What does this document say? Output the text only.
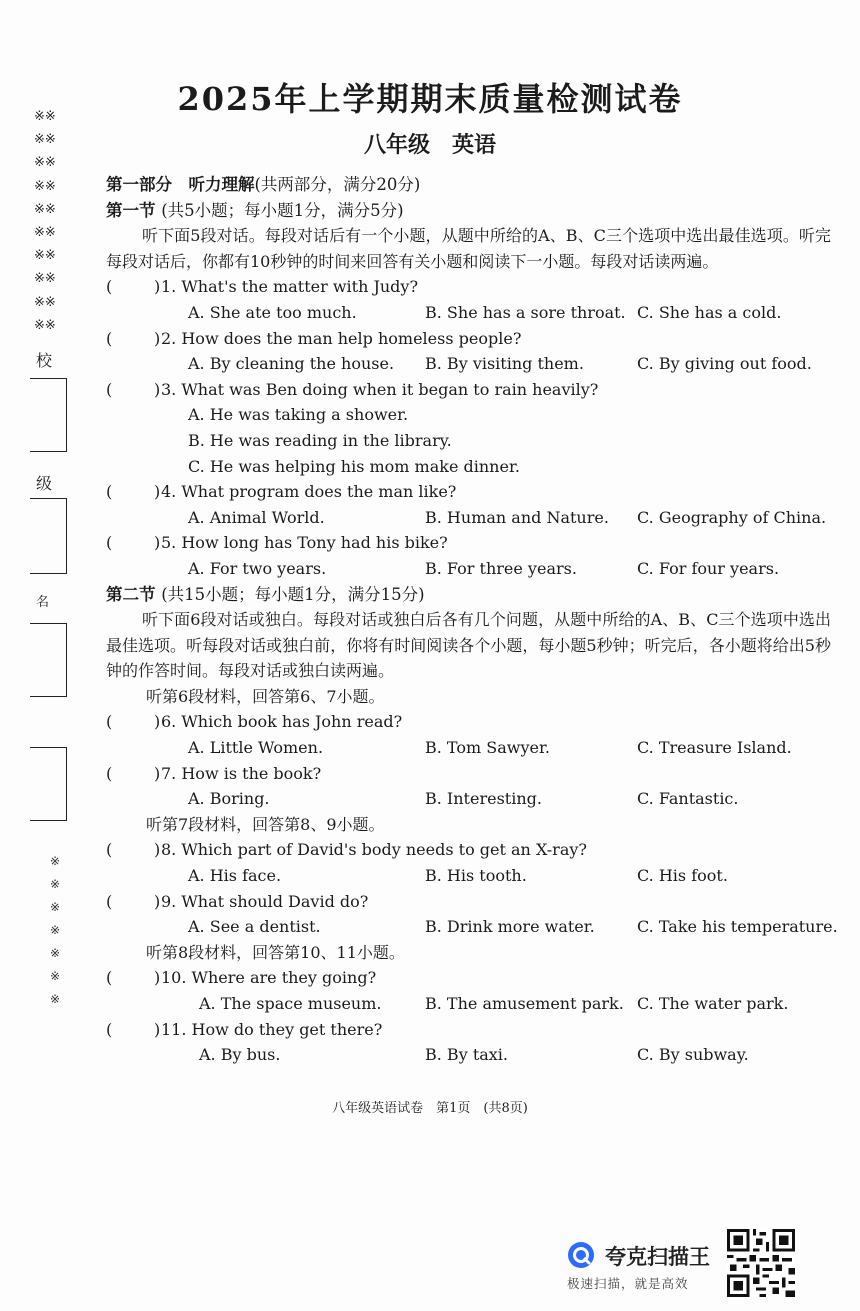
2025年上学期期末质量检测试卷
八年级　英语
※※
※※
※※
※※
※※
※※
※※
※※
※※
※※
校
级
名
※
※
※
※
※
※
※
第一部分　听力理解(共两部分，满分20分)
第一节 (共5小题；每小题1分，满分5分)
听下面5段对话。每段对话后有一个小题，从题中所给的A、B、C三个选项中选出最佳选项。听完每段对话后，你都有10秒钟的时间来回答有关小题和阅读下一小题。每段对话读两遍。
(	) 1. What's the matter with Judy?
A. She ate too much.	B. She has a sore throat. C. She has a cold.
(	) 2. How does the man help homeless people?
A. By cleaning the house. B. By visiting them.	C. By giving out food.
(	) 3. What was Ben doing when it began to rain heavily?
A. He was taking a shower.
B. He was reading in the library.
C. He was helping his mom make dinner.
(	) 4. What program does the man like?
A. Animal World.	B. Human and Nature. C. Geography of China.
(	) 5. How long has Tony had his bike?
A. For two years.	B. For three years.	C. For four years.
第二节 (共15小题；每小题1分，满分15分)
听下面6段对话或独白。每段对话或独白后各有几个问题，从题中所给的A、B、C三个选项中选出最佳选项。听每段对话或独白前，你将有时间阅读各个小题，每小题5秒钟；听完后，各小题将给出5秒钟的作答时间。每段对话或独白读两遍。
听第6段材料，回答第6、7小题。
(	) 6. Which book has John read?
A. Little Women.	B. Tom Sawyer.	C. Treasure Island.
(	) 7. How is the book?
A. Boring.	B. Interesting.	C. Fantastic.
听第7段材料，回答第8、9小题。
(	) 8. Which part of David's body needs to get an X-ray?
A. His face.	B. His tooth.	C. His foot.
(	) 9. What should David do?
A. See a dentist.	B. Drink more water.	C. Take his temperature.
听第8段材料，回答第10、11小题。
(	) 10. Where are they going?
A. The space museum.	B. The amusement park. C. The water park.
(	) 11. How do they get there?
A. By bus.	B. By taxi.	C. By subway.
八年级英语试卷　第1页　(共8页)
夸克扫描王
极速扫描，就是高效
